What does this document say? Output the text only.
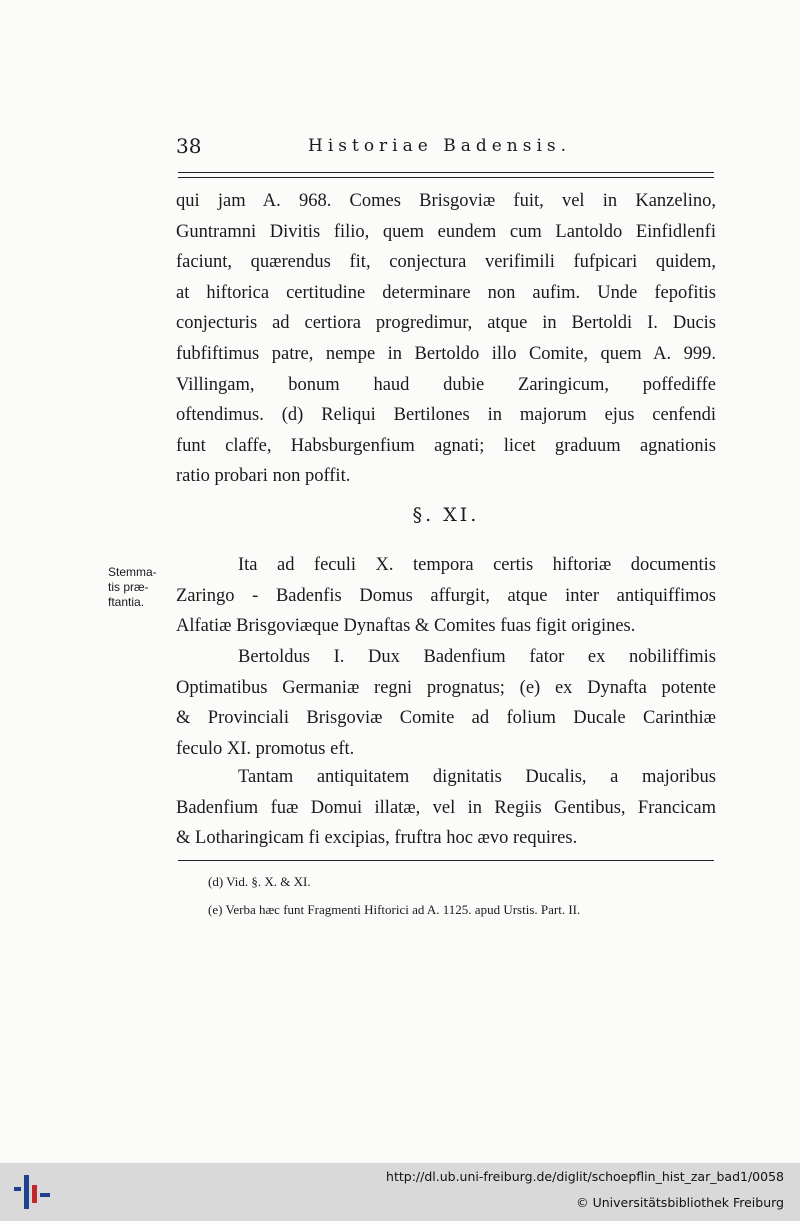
38	Historiae Badensis.
qui jam A. 968. Comes Brisgoviæ fuit, vel in Kanzelino,
Guntramni Divitis filio, quem eundem cum Lantoldo Einfidlenfi
faciunt, quærendus fit, conjectura verifimili fufpicari quidem,
at hiftorica certitudine determinare non aufim. Unde fepofitis
conjecturis ad certiora progredimur, atque in Bertoldi I. Ducis
fubfiftimus patre, nempe in Bertoldo illo Comite, quem A. 999.
Villingam, bonum haud dubie Zaringicum, poffediffe
oftendimus. (d) Reliqui Bertilones in majorum ejus cenfendi
funt claffe, Habsburgenfium agnati; licet graduum agnationis
ratio probari non poffit.
§. XI.
Stemma-
tis præ-
ftantia.
Ita ad feculi X. tempora certis hiftoriæ documentis
Zaringo - Badenfis Domus affurgit, atque inter antiquiffimos
Alfatiæ Brisgoviæque Dynaftas & Comites fuas figit origines.
Bertoldus I. Dux Badenfium fator ex nobiliffimis
Optimatibus Germaniæ regni prognatus; (e) ex Dynafta potente
& Provinciali Brisgoviæ Comite ad folium Ducale Carinthiæ
feculo XI. promotus eft.
Tantam antiquitatem dignitatis Ducalis, a majoribus
Badenfium fuæ Domui illatæ, vel in Regiis Gentibus, Francicam
& Lotharingicam fi excipias, fruftra hoc ævo requires.
(d) Vid. §. X. & XI.
(e) Verba hæc funt Fragmenti Hiftorici ad A. 1125. apud Urstis. Part. II.
http://dl.ub.uni-freiburg.de/diglit/schoepflin_hist_zar_bad1/0058
© Universitätsbibliothek Freiburg
